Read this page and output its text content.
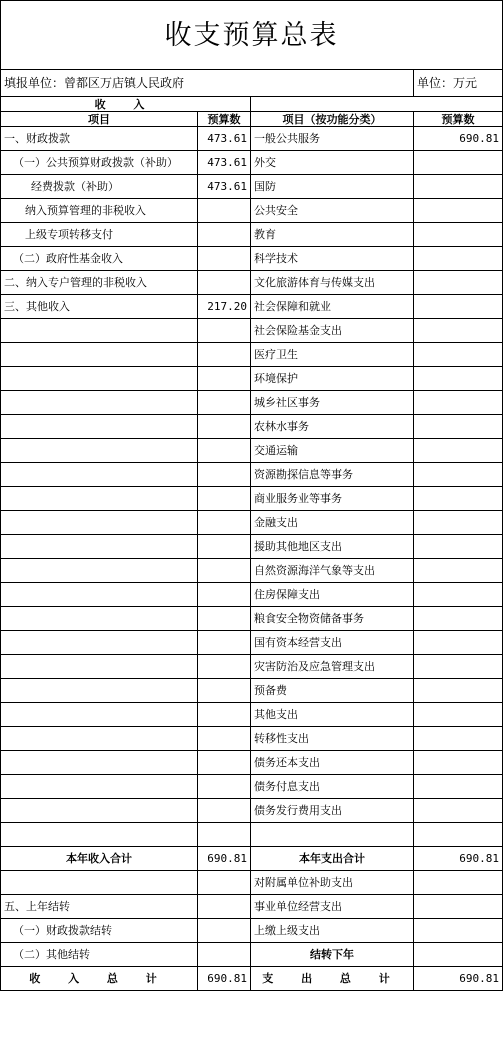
收支预算总表			
填报单位：曾都区万店镇人民政府			单位：万元
收 入			
项目	预算数	项目（按功能分类）	预算数
一、财政拨款	473.61	一般公共服务	690.81
（一）公共预算财政拨款（补助）	473.61	外交	
经费拨款（补助）	473.61	国防	
纳入预算管理的非税收入		公共安全	
上级专项转移支付		教育	
（二）政府性基金收入		科学技术	
二、纳入专户管理的非税收入		文化旅游体育与传媒支出	
三、其他收入	217.20	社会保障和就业	
		社会保险基金支出	
		医疗卫生	
		环境保护	
		城乡社区事务	
		农林水事务	
		交通运输	
		资源勘探信息等事务	
		商业服务业等事务	
		金融支出	
		援助其他地区支出	
		自然资源海洋气象等支出	
		住房保障支出	
		粮食安全物资储备事务	
		国有资本经营支出	
		灾害防治及应急管理支出	
		预备费	
		其他支出	
		转移性支出	
		债务还本支出	
		债务付息支出	
		债务发行费用支出	

本年收入合计	690.81	本年支出合计	690.81
		对附属单位补助支出	
五、上年结转		事业单位经营支出	
（一）财政拨款结转		上缴上级支出	
（二）其他结转		结转下年	
收 入 总 计	690.81	支 出 总 计	690.81
